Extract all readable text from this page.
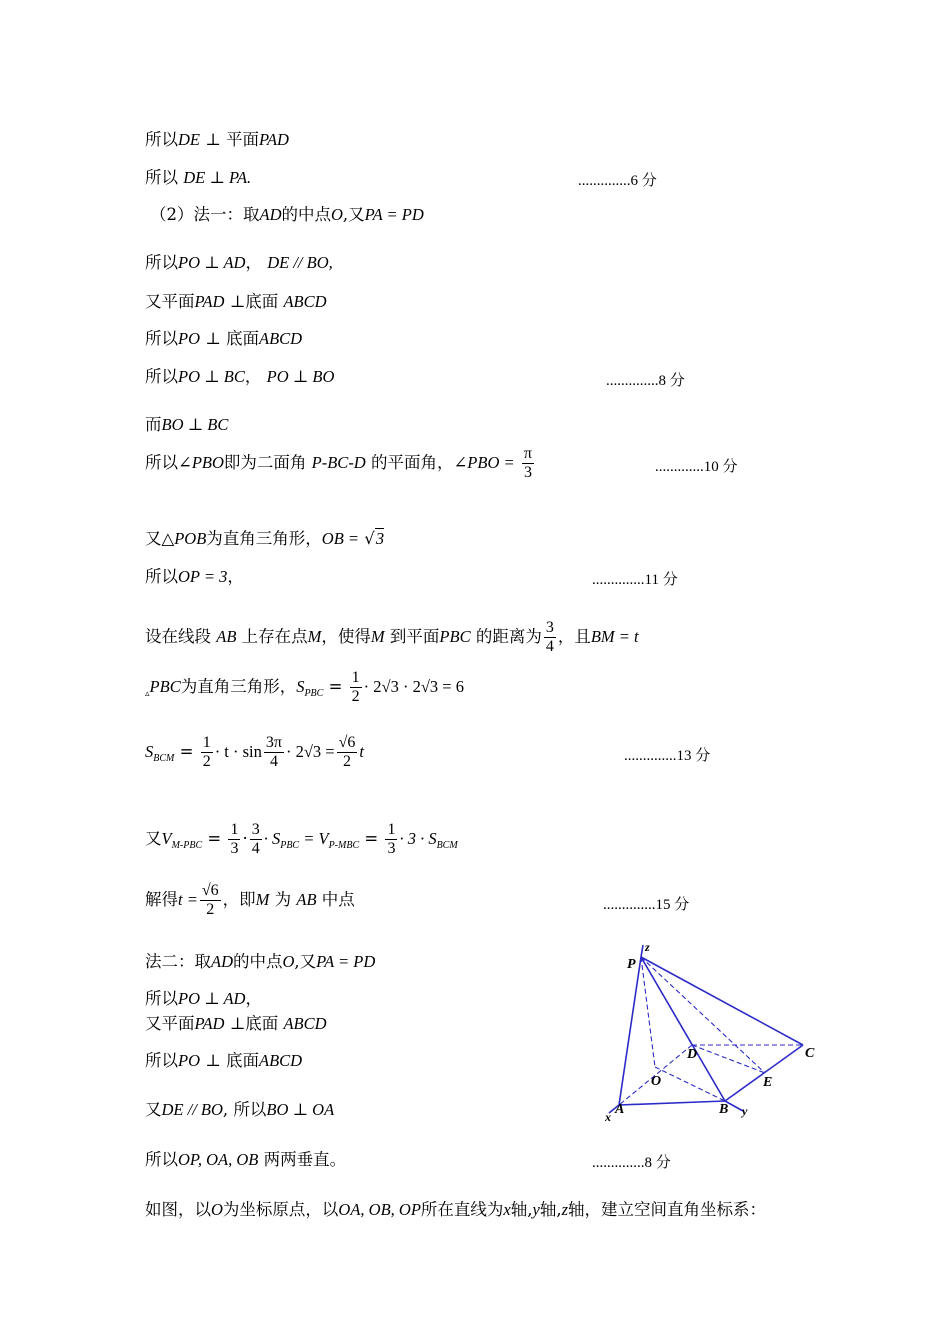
所以DE ⊥ 平面PAD
所以 DE ⊥ PA.	..............6 分
（2）法一：取AD的中点O,又PA = PD
所以PO ⊥ AD， DE // BO,
又平面PAD ⊥底面 ABCD
所以PO ⊥ 底面ABCD
所以PO ⊥ BC， PO ⊥ BO	..............8 分
而BO ⊥ BC
所以∠PBO即为二面角 P-BC-D 的平面角，∠PBO = $\frac{\pi}{3}$	.............10 分
又△POB为直角三角形，OB = √3
所以OP = 3，	..............11 分
设在线段 AB 上存在点M，使得M 到平面PBC 的距离为 $\frac{3}{4}$ ，且BM = t
$_▵$PBC为直角三角形，$S_{PBC} = \frac{1}{2} \cdot 2√3 \cdot 2√3 = 6$
$S_{BCM} = \frac{1}{2} \cdot t \cdot \sin \frac{3\pi}{4} \cdot 2√3 = \frac{√6}{2}$ t	..............13 分
又$V_{M-PBC} = \frac{1}{3} \cdot \frac{3}{4} \cdot S_{PBC} = V_{P-MBC} = \frac{1}{3} \cdot 3 \cdot S_{BCM}$
解得$t = \frac{√6}{2}$ ，即M 为 AB 中点	..............15 分
法二：取AD的中点O,又PA = PD
所以PO ⊥ AD，
又平面PAD ⊥底面 ABCD
所以PO ⊥ 底面ABCD
又DE // BO, 所以BO ⊥ OA
所以OP, OA, OB 两两垂直。	..............8 分
如图，以O为坐标原点，以OA, OB, OP所在直线为x轴,y轴,z轴，建立空间直角坐标系：
P
z
D	C
O	E
A	B
x	y
